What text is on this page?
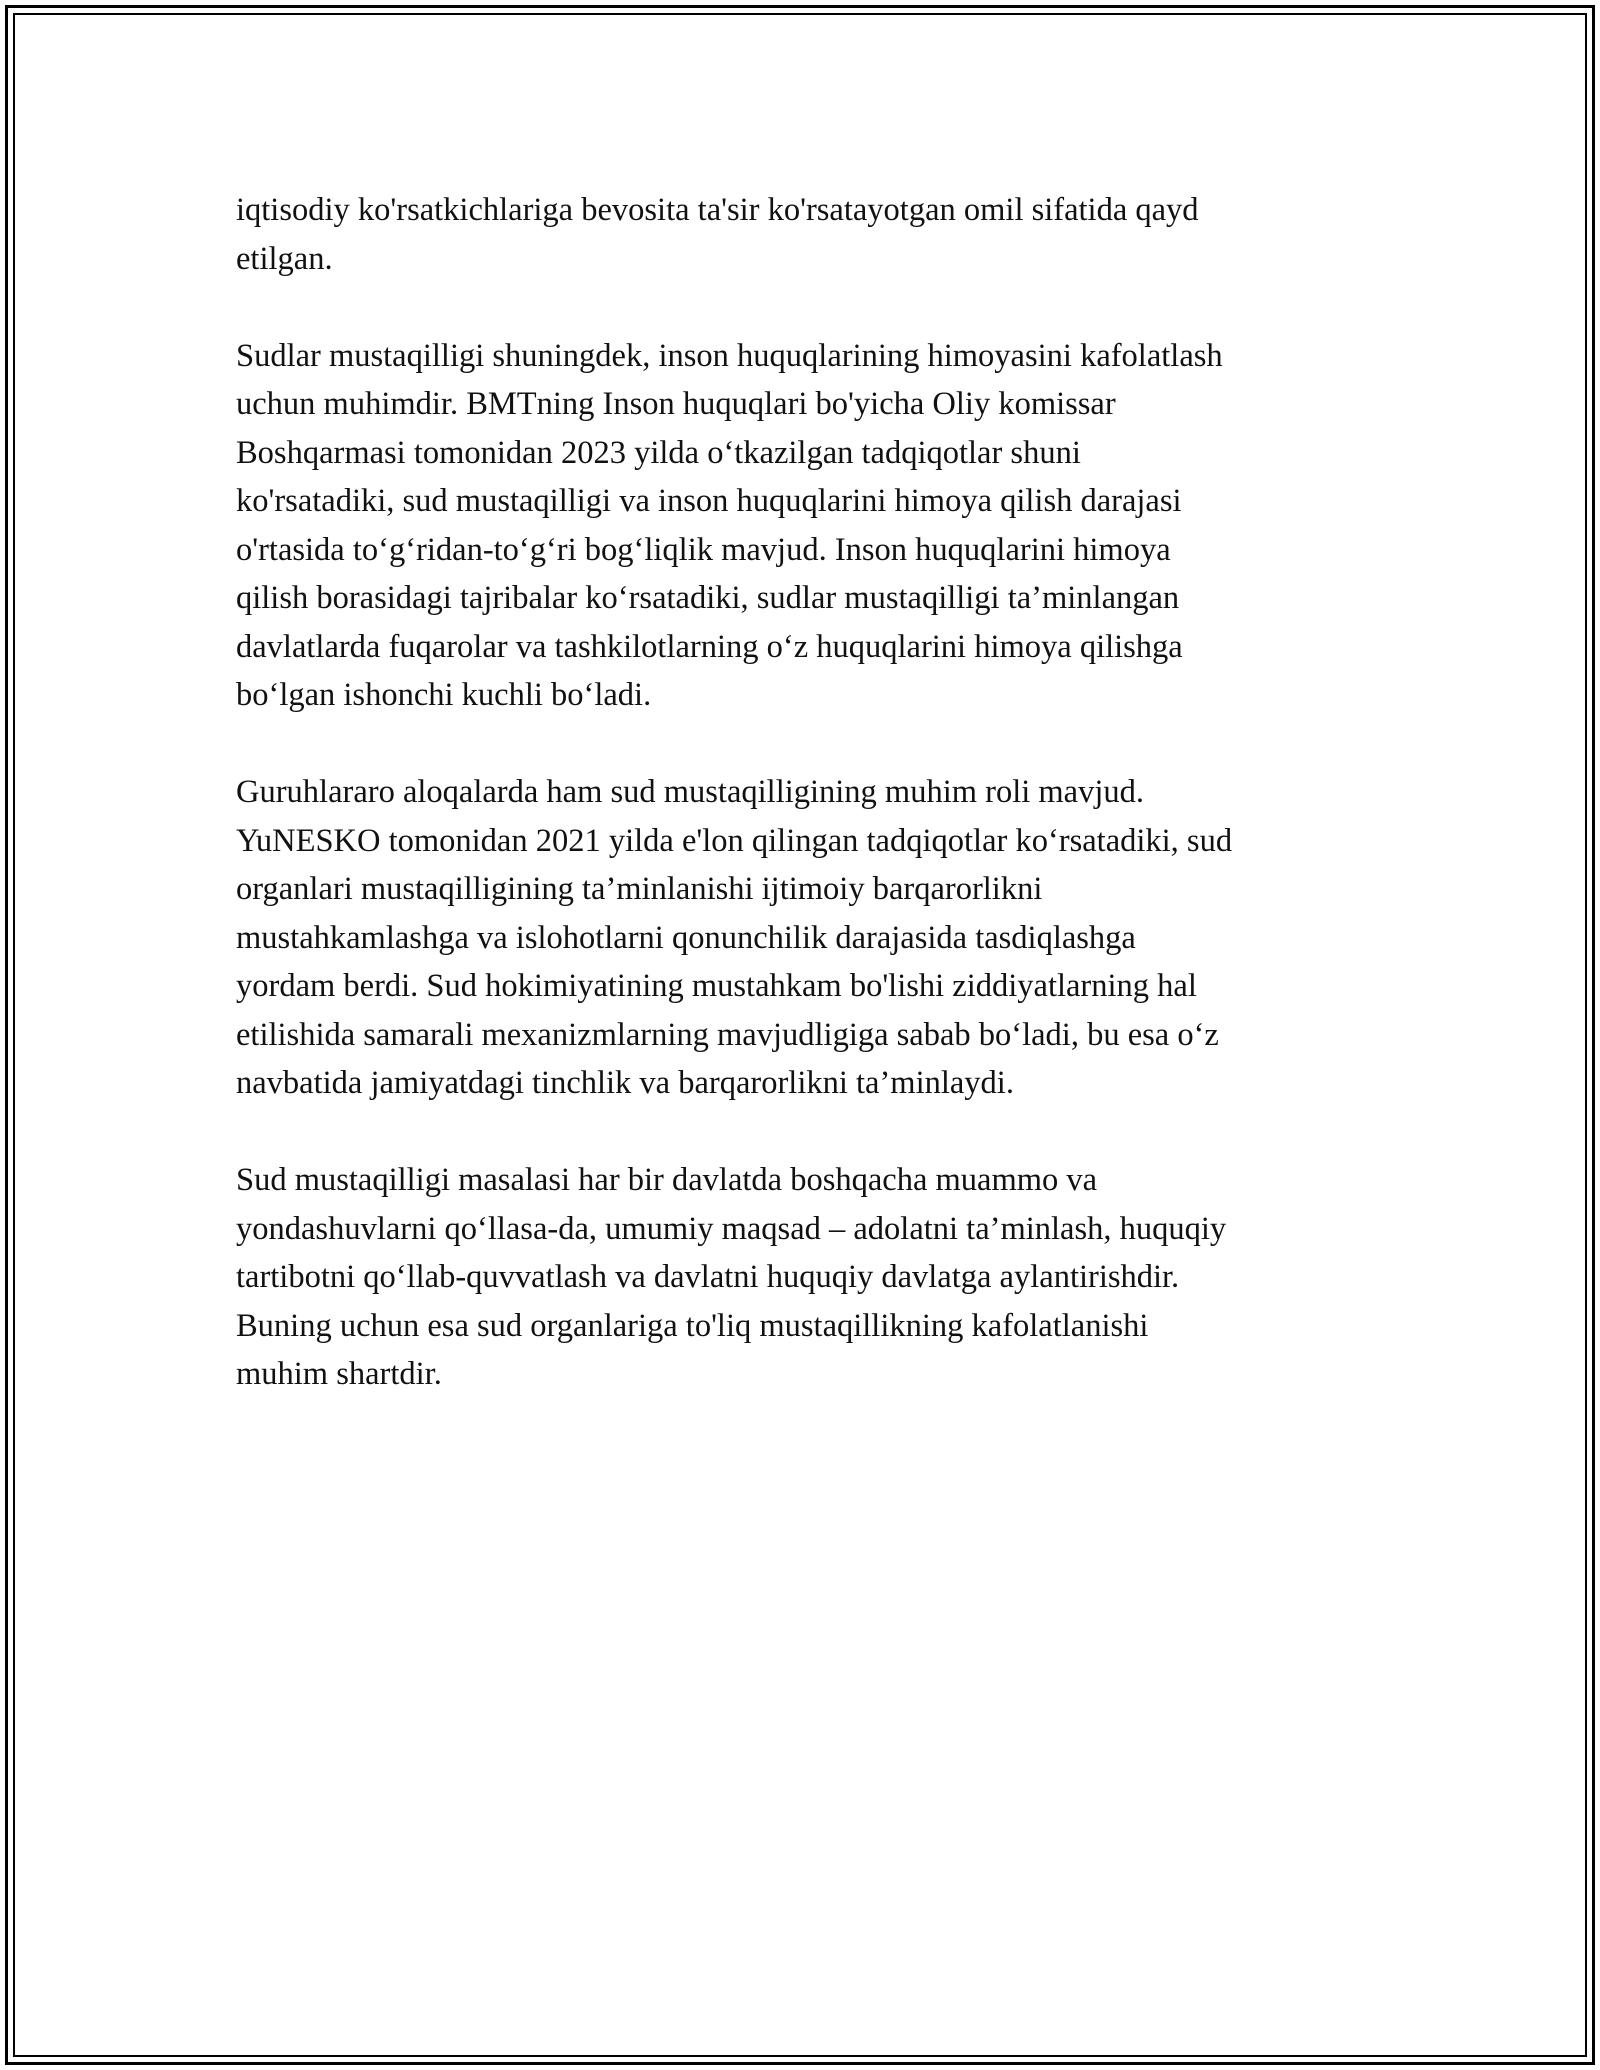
iqtisodiy ko'rsatkichlariga bevosita ta'sir ko'rsatayotgan omil sifatida qayd
etilgan.

Sudlar mustaqilligi shuningdek, inson huquqlarining himoyasini kafolatlash
uchun muhimdir. BMTning Inson huquqlari bo'yicha Oliy komissar
Boshqarmasi tomonidan 2023 yilda o‘tkazilgan tadqiqotlar shuni
ko'rsatadiki, sud mustaqilligi va inson huquqlarini himoya qilish darajasi
o'rtasida to‘g‘ridan-to‘g‘ri bog‘liqlik mavjud. Inson huquqlarini himoya
qilish borasidagi tajribalar ko‘rsatadiki, sudlar mustaqilligi ta’minlangan
davlatlarda fuqarolar va tashkilotlarning o‘z huquqlarini himoya qilishga
bo‘lgan ishonchi kuchli bo‘ladi.

Guruhlararo aloqalarda ham sud mustaqilligining muhim roli mavjud.
YuNESKO tomonidan 2021 yilda e'lon qilingan tadqiqotlar ko‘rsatadiki, sud
organlari mustaqilligining ta’minlanishi ijtimoiy barqarorlikni
mustahkamlashga va islohotlarni qonunchilik darajasida tasdiqlashga
yordam berdi. Sud hokimiyatining mustahkam bo'lishi ziddiyatlarning hal
etilishida samarali mexanizmlarning mavjudligiga sabab bo‘ladi, bu esa o‘z
navbatida jamiyatdagi tinchlik va barqarorlikni ta’minlaydi.

Sud mustaqilligi masalasi har bir davlatda boshqacha muammo va
yondashuvlarni qo‘llasa-da, umumiy maqsad – adolatni ta’minlash, huquqiy
tartibotni qo‘llab-quvvatlash va davlatni huquqiy davlatga aylantirishdir.
Buning uchun esa sud organlariga to'liq mustaqillikning kafolatlanishi
muhim shartdir.
